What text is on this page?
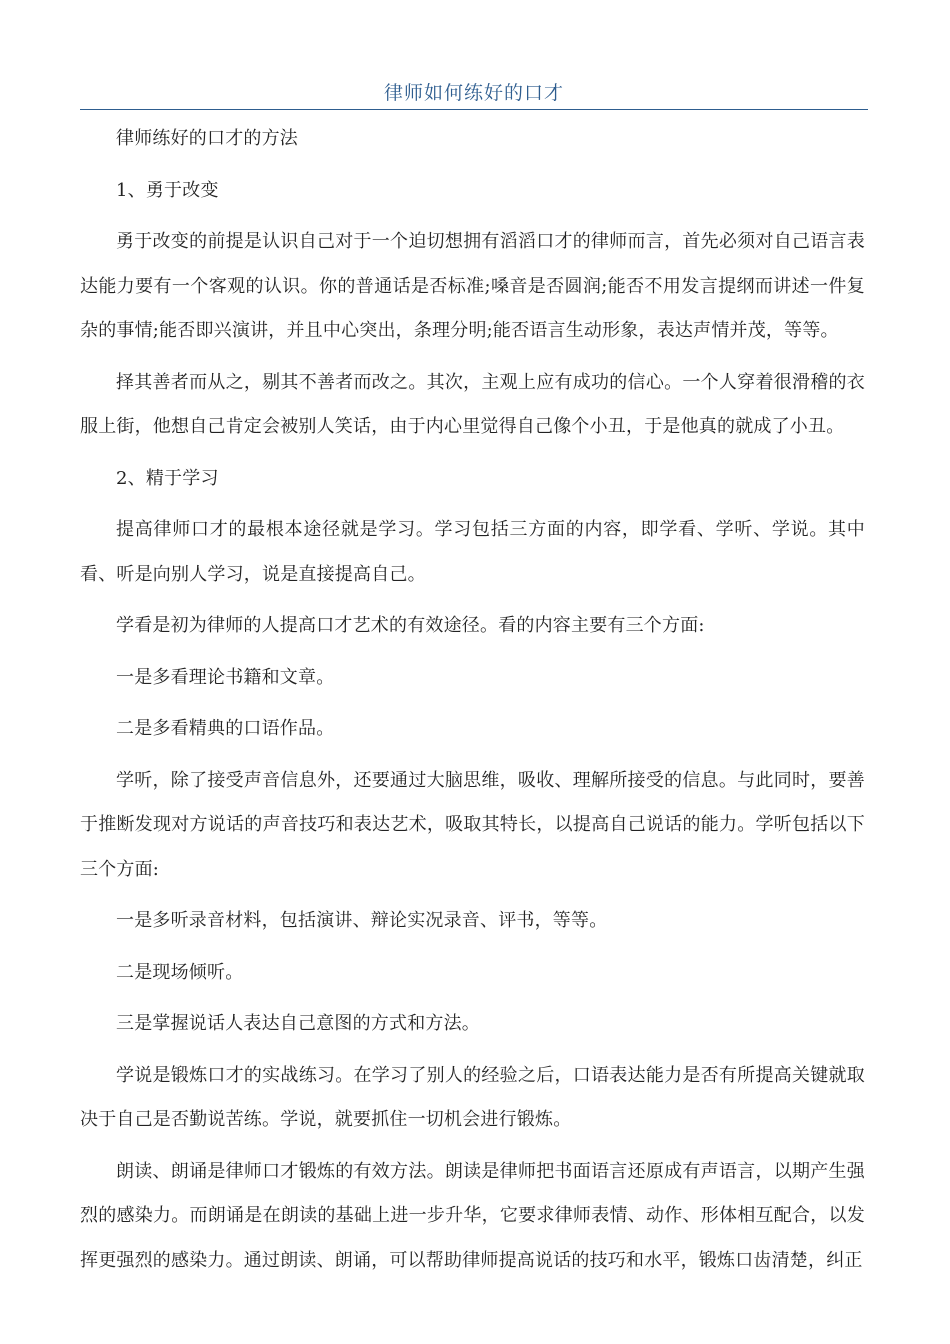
律师如何练好的口才

律师练好的口才的方法

1、勇于改变

勇于改变的前提是认识自己对于一个迫切想拥有滔滔口才的律师而言，首先必须对自己语言表达能力要有一个客观的认识。你的普通话是否标准;嗓音是否圆润;能否不用发言提纲而讲述一件复杂的事情;能否即兴演讲，并且中心突出，条理分明;能否语言生动形象，表达声情并茂，等等。

择其善者而从之，剔其不善者而改之。其次，主观上应有成功的信心。一个人穿着很滑稽的衣服上街，他想自己肯定会被别人笑话，由于内心里觉得自己像个小丑，于是他真的就成了小丑。

2、精于学习

提高律师口才的最根本途径就是学习。学习包括三方面的内容，即学看、学听、学说。其中看、听是向别人学习，说是直接提高自己。

学看是初为律师的人提高口才艺术的有效途径。看的内容主要有三个方面:

一是多看理论书籍和文章。

二是多看精典的口语作品。

学听，除了接受声音信息外，还要通过大脑思维，吸收、理解所接受的信息。与此同时，要善于推断发现对方说话的声音技巧和表达艺术，吸取其特长，以提高自己说话的能力。学听包括以下三个方面:

一是多听录音材料，包括演讲、辩论实况录音、评书，等等。

二是现场倾听。

三是掌握说话人表达自己意图的方式和方法。

学说是锻炼口才的实战练习。在学习了别人的经验之后，口语表达能力是否有所提高关键就取决于自己是否勤说苦练。学说，就要抓住一切机会进行锻炼。

朗读、朗诵是律师口才锻炼的有效方法。朗读是律师把书面语言还原成有声语言，以期产生强烈的感染力。而朗诵是在朗读的基础上进一步升华，它要求律师表情、动作、形体相互配合，以发挥更强烈的感染力。通过朗读、朗诵，可以帮助律师提高说话的技巧和水平，锻炼口齿清楚，纠正
